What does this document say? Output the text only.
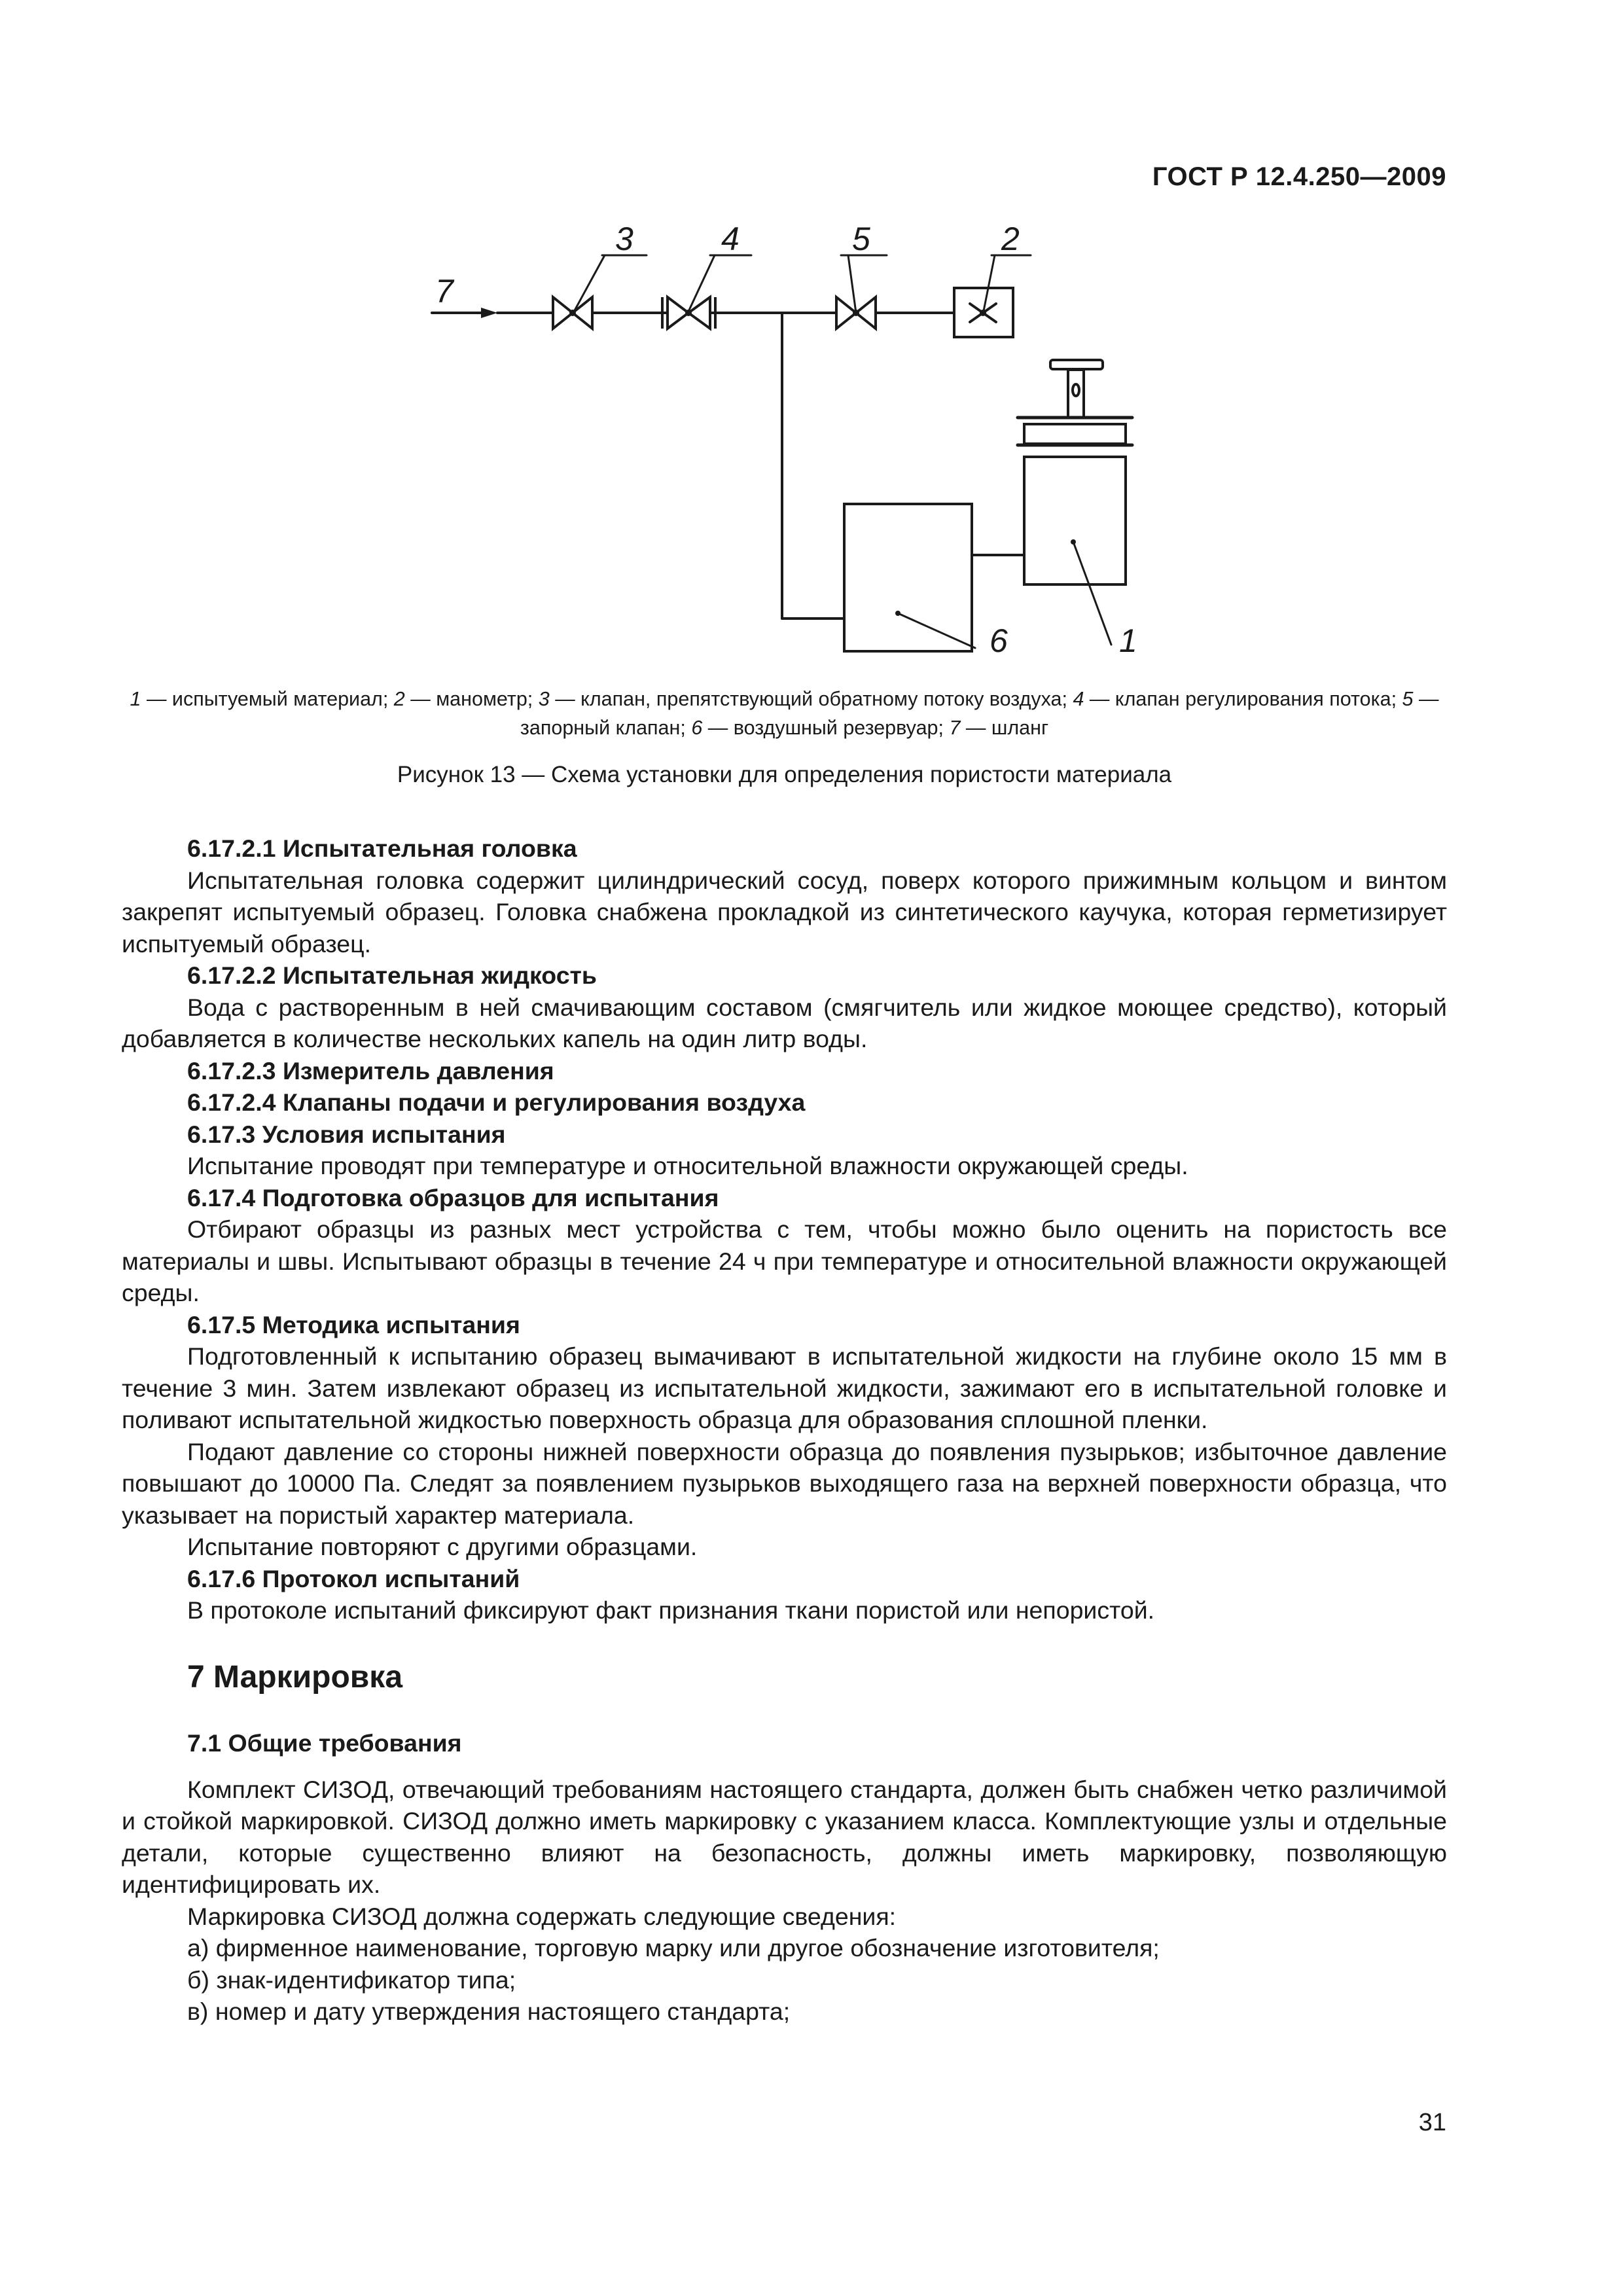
ГОСТ Р 12.4.250—2009
7
3	4	5	2
6	1
1 — испытуемый материал; 2 — манометр; 3 — клапан, препятствующий обратному потоку воздуха; 4 — клапан регулирования потока; 5 — запорный клапан; 6 — воздушный резервуар; 7 — шланг
Рисунок 13 — Схема установки для определения пористости материала
6.17.2.1 Испытательная головка

Испытательная головка содержит цилиндрический сосуд, поверх которого прижимным кольцом и винтом закрепят испытуемый образец. Головка снабжена прокладкой из синтетического каучука, которая герметизирует испытуемый образец.

6.17.2.2 Испытательная жидкость

Вода с растворенным в ней смачивающим составом (смягчитель или жидкое моющее средство), который добавляется в количестве нескольких капель на один литр воды.

6.17.2.3 Измеритель давления
6.17.2.4 Клапаны подачи и регулирования воздуха
6.17.3 Условия испытания

Испытание проводят при температуре и относительной влажности окружающей среды.

6.17.4 Подготовка образцов для испытания

Отбирают образцы из разных мест устройства с тем, чтобы можно было оценить на пористость все материалы и швы. Испытывают образцы в течение 24 ч при температуре и относительной влажности окружающей среды.

6.17.5 Методика испытания

Подготовленный к испытанию образец вымачивают в испытательной жидкости на глубине около 15 мм в течение 3 мин. Затем извлекают образец из испытательной жидкости, зажимают его в испытательной головке и поливают испытательной жидкостью поверхность образца для образования сплошной пленки.

Подают давление со стороны нижней поверхности образца до появления пузырьков; избыточное давление повышают до 10000 Па. Следят за появлением пузырьков выходящего газа на верхней поверхности образца, что указывает на пористый характер материала.

Испытание повторяют с другими образцами.

6.17.6 Протокол испытаний

В протоколе испытаний фиксируют факт признания ткани пористой или непористой.

7 Маркировка
7.1 Общие требования

Комплект СИЗОД, отвечающий требованиям настоящего стандарта, должен быть снабжен четко различимой и стойкой маркировкой. СИЗОД должно иметь маркировку с указанием класса. Комплектующие узлы и отдельные детали, которые существенно влияют на безопасность, должны иметь маркировку, позволяющую идентифицировать их.

Маркировка СИЗОД должна содержать следующие сведения:

а) фирменное наименование, торговую марку или другое обозначение изготовителя;
б) знак-идентификатор типа;
в) номер и дату утверждения настоящего стандарта;
31
